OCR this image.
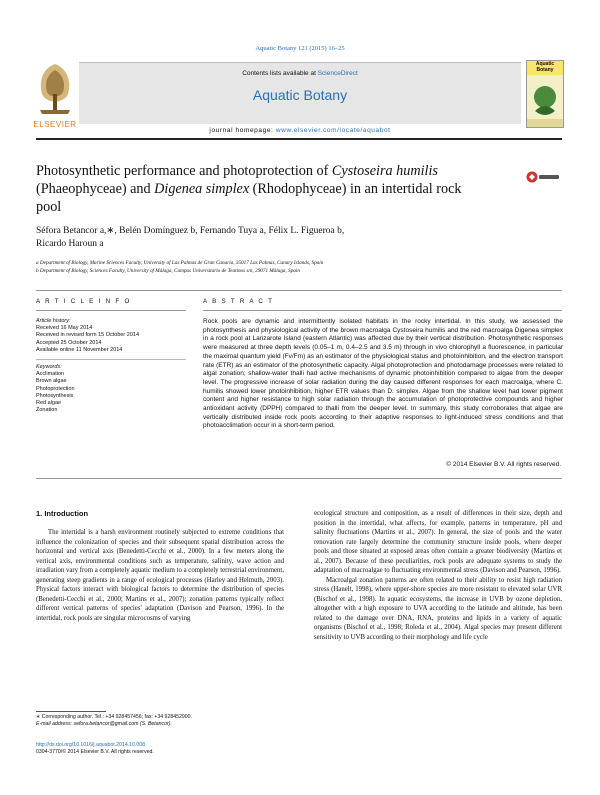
Aquatic Botany 121 (2015) 16–25
Contents lists available at ScienceDirect
Aquatic Botany
journal homepage: www.elsevier.com/locate/aquabot
ELSEVIER
Aquatic Botany
Photosynthetic performance and photoprotection of Cystoseira humilis (Phaeophyceae) and Digenea simplex (Rhodophyceae) in an intertidal rock pool
Séfora Betancor a,∗, Belén Domínguez b, Fernando Tuya a, Félix L. Figueroa b,
Ricardo Haroun a
a Department of Biology, Marine Sciences Faculty, University of Las Palmas de Gran Canaria, 35017 Las Palmas, Canary Islands, Spain
b Department of Biology, Sciences Faculty, University of Málaga, Campus Universitario de Teatinos s/n, 29071 Málaga, Spain
A R T I C L E I N F O	A B S T R A C T
Article history:
Received 16 May 2014
Received in revised form 15 October 2014
Accepted 25 October 2014
Available online 11 November 2014
Keywords:
Acclimation
Brown algae
Photoprotection
Photosynthesis
Red algae
Zonation
Rock pools are dynamic and intermittently isolated habitats in the rocky intertidal. In this study, we assessed the photosynthesis and physiological activity of the brown macroalga Cystoseira humilis and the red macroalga Digenea simplex in a rock pool at Lanzarote Island (eastern Atlantic) was affected due by their vertical distribution. Photosynthetic responses were measured at three depth levels (0.05–1 m, 0.4–2.5 and 3.5 m) through in vivo chlorophyll a fluorescence, in particular the maximal quantum yield (Fv/Fm) as an estimator of the physiological status and photoinhibition, and the electron transport rate (ETR) as an estimator of the photosynthetic capacity. Algal photoprotection and photodamage processes were related to algal zonation; shallow-water thalli had active mechanisms of dynamic photoinhibition compared to algae from the deeper level. The progressive increase of solar radiation during the day caused different responses for each macroalga, where C. humilis showed lower photoinhibition, higher ETR values than D. simplex. Algae from the shallow level had lower pigment content and higher resistance to high solar radiation through the accumulation of photoprotective compounds and higher antioxidant activity (DPPH) compared to thalli from the deeper level. In summary, this study corroborates that algae are vertically distributed inside rock pools according to their adaptive responses to light-induced stress conditions and that photoacclimation occur in a short-term period.
© 2014 Elsevier B.V. All rights reserved.
1. Introduction

The intertidal is a harsh environment routinely subjected to extreme conditions that influence the colonization of species and their subsequent spatial distribution across the horizontal and vertical axis (Benedetti-Cecchi et al., 2000). In a few meters along the vertical axis, environmental conditions such as temperature, salinity, wave action and irradiation vary from a completely aquatic medium to a completely terrestrial environment, generating steep gradients in a range of ecological processes (Harley and Helmuth, 2003). Physical factors interact with biological factors to determine the distribution of species (Benedetti-Cecchi et al., 2000; Martins et al., 2007); zonation patterns typically reflect different vertical patterns of species' adaptation (Davison and Pearson, 1996). In the intertidal, rock pools are singular microcosms of varying

ecological structure and composition, as a result of differences in their size, depth and position in the intertidal, what affects, for example, patterns in temperature, pH and salinity fluctuations (Martins et al., 2007). In general, the size of pools and the water renovation rate largely determine the community structure inside pools, where deeper pools and those situated at exposed areas often contain a greater biodiversity (Martins et al., 2007). Because of these peculiarities, rock pools are adequate systems to study the adaptation of macroalgae to fluctuating environmental stress (Davison and Pearson, 1996).

Macroalgal zonation patterns are often related to their ability to resist high radiation stress (Hanelt, 1998), where upper-shore species are more resistant to elevated solar UVR (Bischof et al., 1998). In aquatic ecosystems, the increase in UVB by ozone depletion, altogether with a high exposure to UVA according to the latitude and altitude, has been related to the damage over DNA, RNA, proteins and lipids in a variety of aquatic organisms (Bischof et al., 1998; Roleda et al., 2004). Algal species may present different sensitivity to UVB according to their morphology and life cycle

∗ Corresponding author. Tel.: +34 928457456; fax: +34 928452900.
E-mail address: sefora.betancor@gmail.com (S. Betancor).
http://dx.doi.org/10.1016/j.aquabot.2014.10.008
0304-3770/© 2014 Elsevier B.V. All rights reserved.
